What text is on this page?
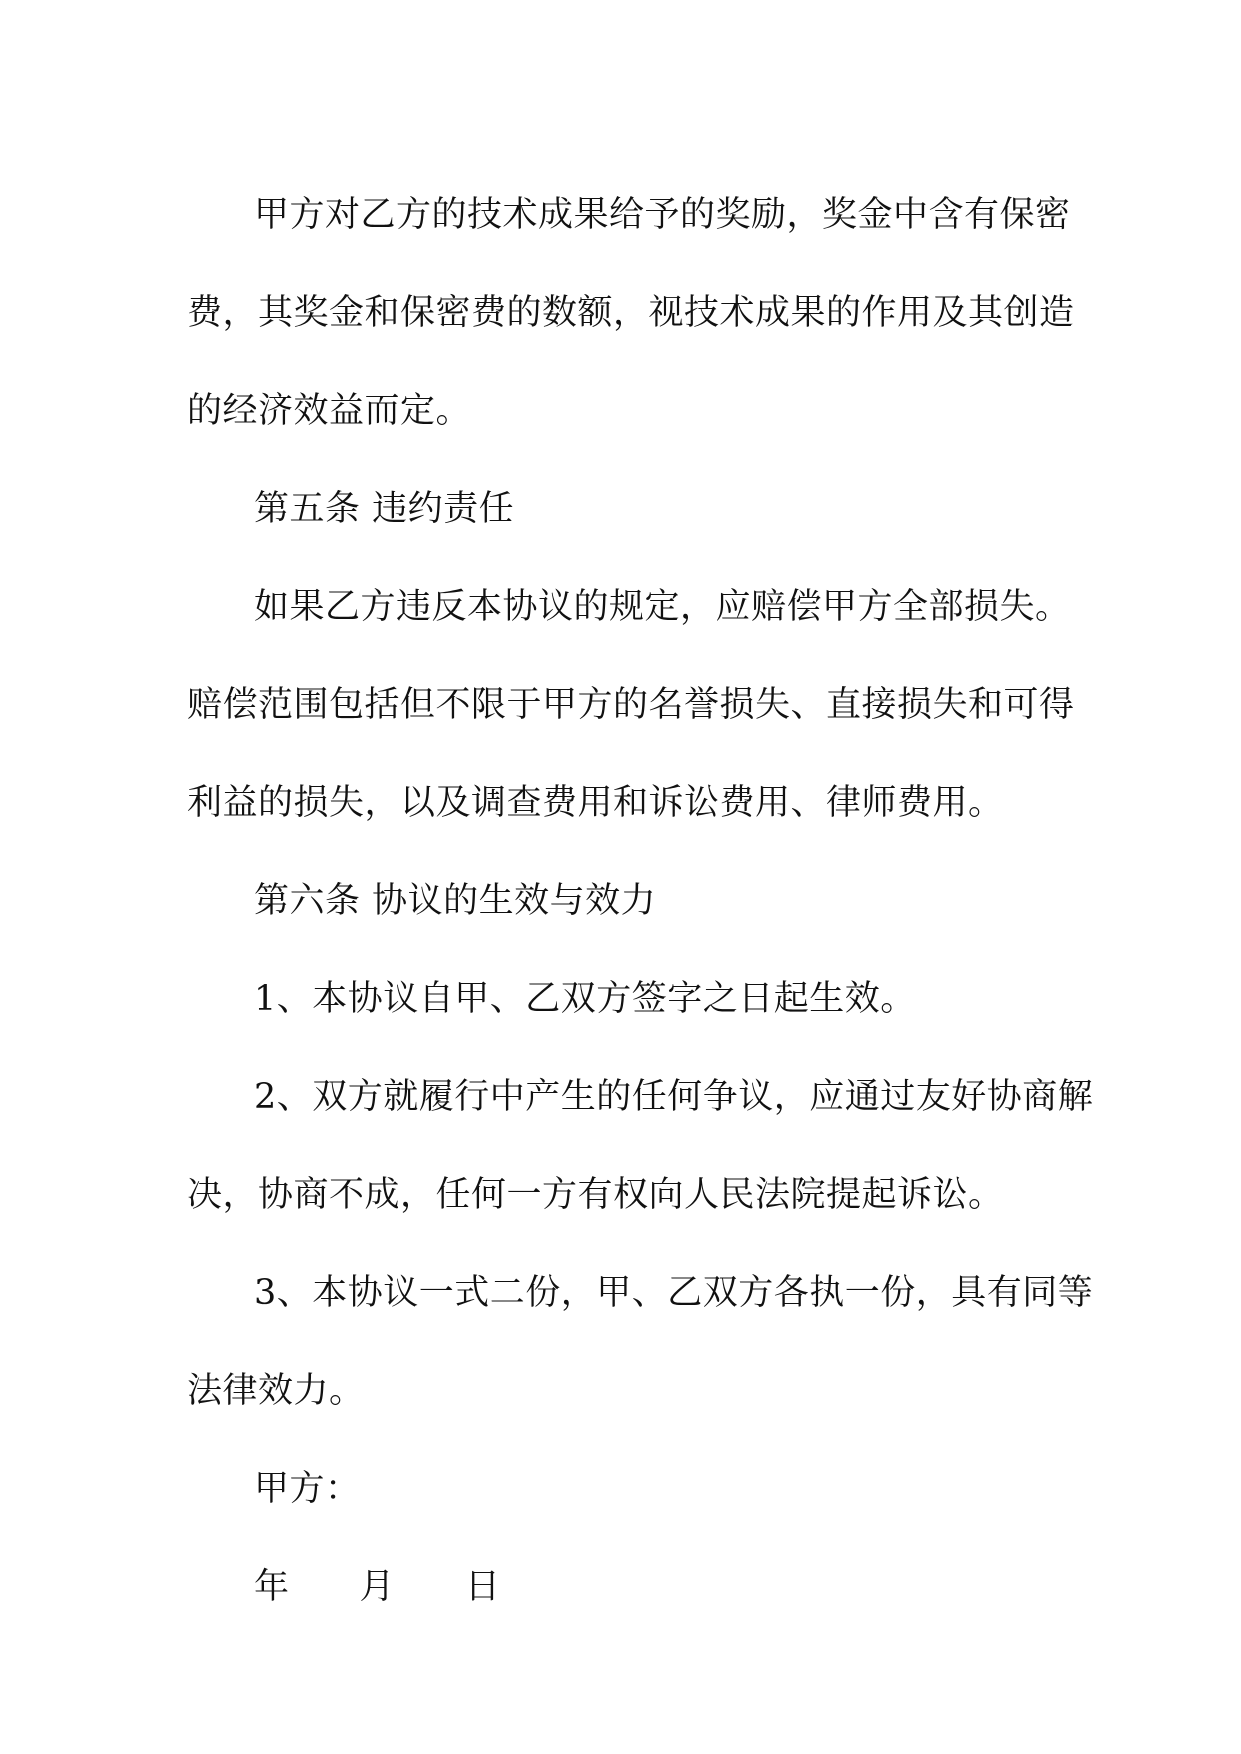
甲方对乙方的技术成果给予的奖励，奖金中含有保密
费，其奖金和保密费的数额，视技术成果的作用及其创造
的经济效益而定。
第五条 违约责任
如果乙方违反本协议的规定，应赔偿甲方全部损失。
赔偿范围包括但不限于甲方的名誉损失、直接损失和可得
利益的损失，以及调查费用和诉讼费用、律师费用。
第六条 协议的生效与效力
1、本协议自甲、乙双方签字之日起生效。
2、双方就履行中产生的任何争议，应通过友好协商解
决，协商不成，任何一方有权向人民法院提起诉讼。
3、本协议一式二份，甲、乙双方各执一份，具有同等
法律效力。
甲方：
年 月 日
